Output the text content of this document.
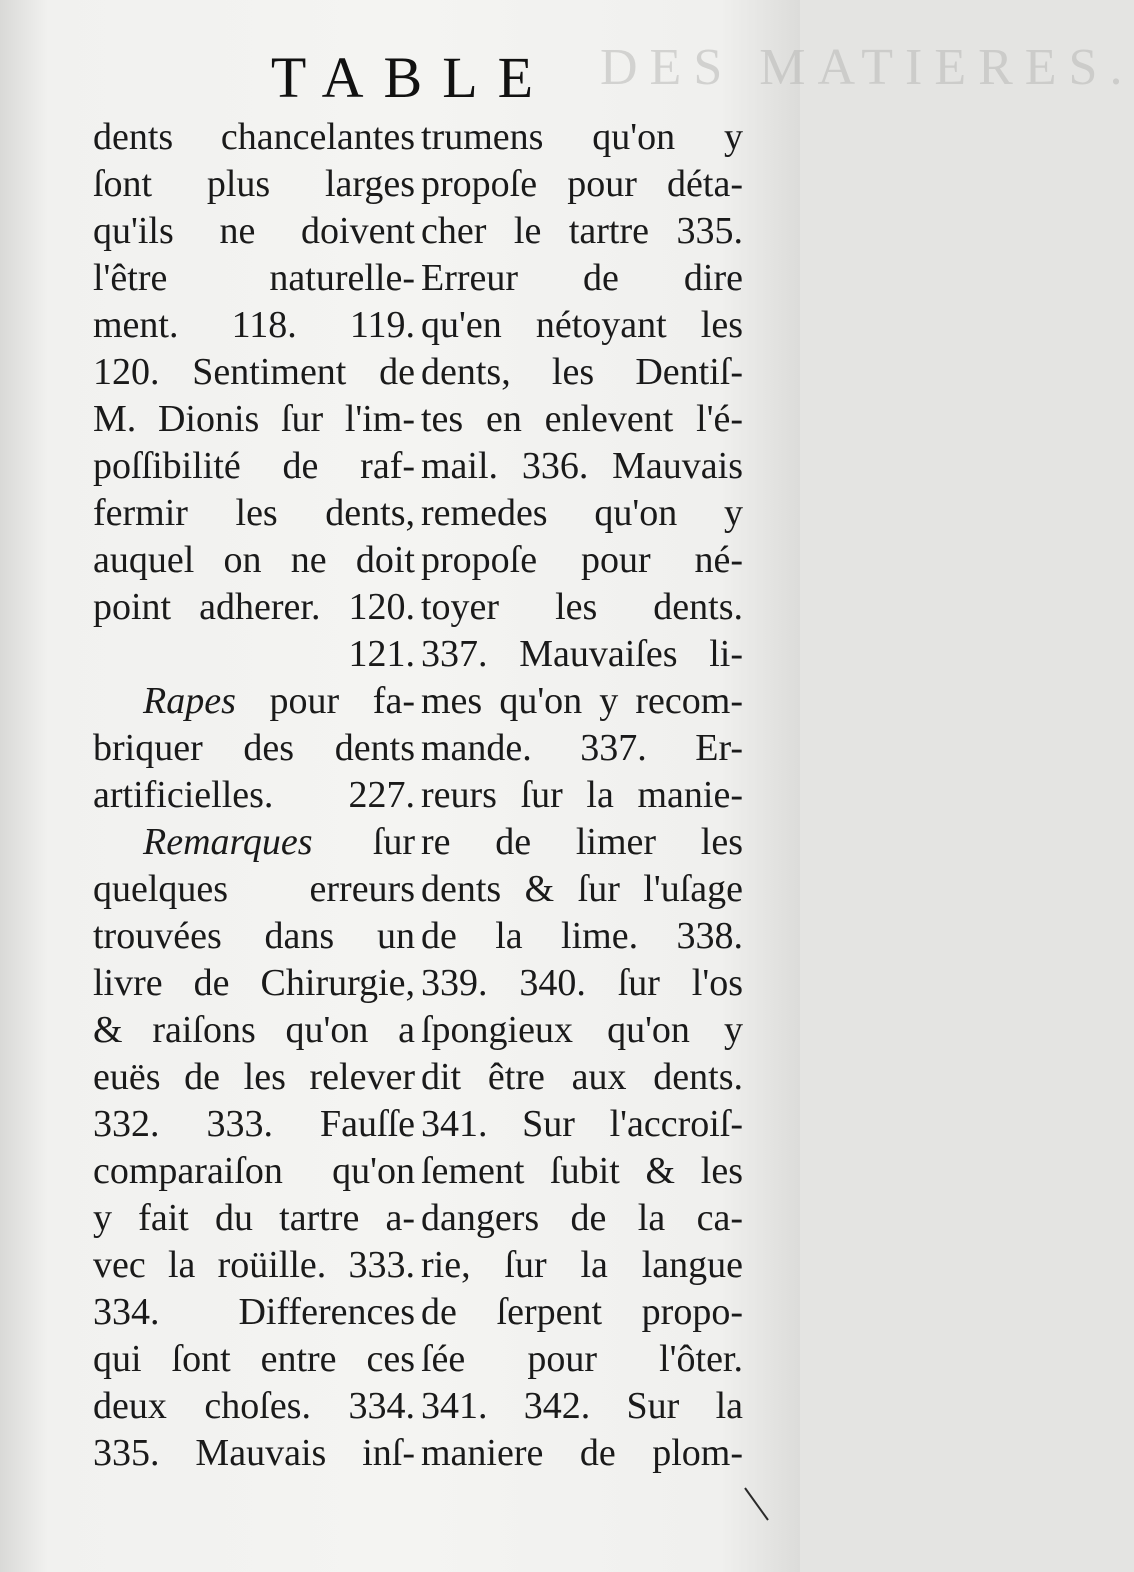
DES MATIERES.
TABLE
dents chancelantes
ſont plus larges
qu'ils ne doivent
l'être naturelle-
ment. 118. 119.
120. Sentiment de
M. Dionis ſur l'im-
poſſibilité de raf-
fermir les dents,
auquel on ne doit
point adherer. 120.
121.
Rapes pour fa-
briquer des dents
artificielles. 227.
Remarques ſur
quelques erreurs
trouvées dans un
livre de Chirurgie,
& raiſons qu'on a
euës de les relever
332. 333. Fauſſe
comparaiſon qu'on
y fait du tartre a-
vec la roüille. 333.
334. Differences
qui ſont entre ces
deux choſes. 334.
335. Mauvais inſ-
trumens qu'on y
propoſe pour déta-
cher le tartre 335.
Erreur de dire
qu'en nétoyant les
dents, les Dentiſ-
tes en enlevent l'é-
mail. 336. Mauvais
remedes qu'on y
propoſe pour né-
toyer les dents.
337. Mauvaiſes li-
mes qu'on y recom-
mande. 337. Er-
reurs ſur la manie-
re de limer les
dents & ſur l'uſage
de la lime. 338.
339. 340. ſur l'os
ſpongieux qu'on y
dit être aux dents.
341. Sur l'accroiſ-
ſement ſubit & les
dangers de la ca-
rie, ſur la langue
de ſerpent propo-
ſée pour l'ôter.
341. 342. Sur la
maniere de plom-
